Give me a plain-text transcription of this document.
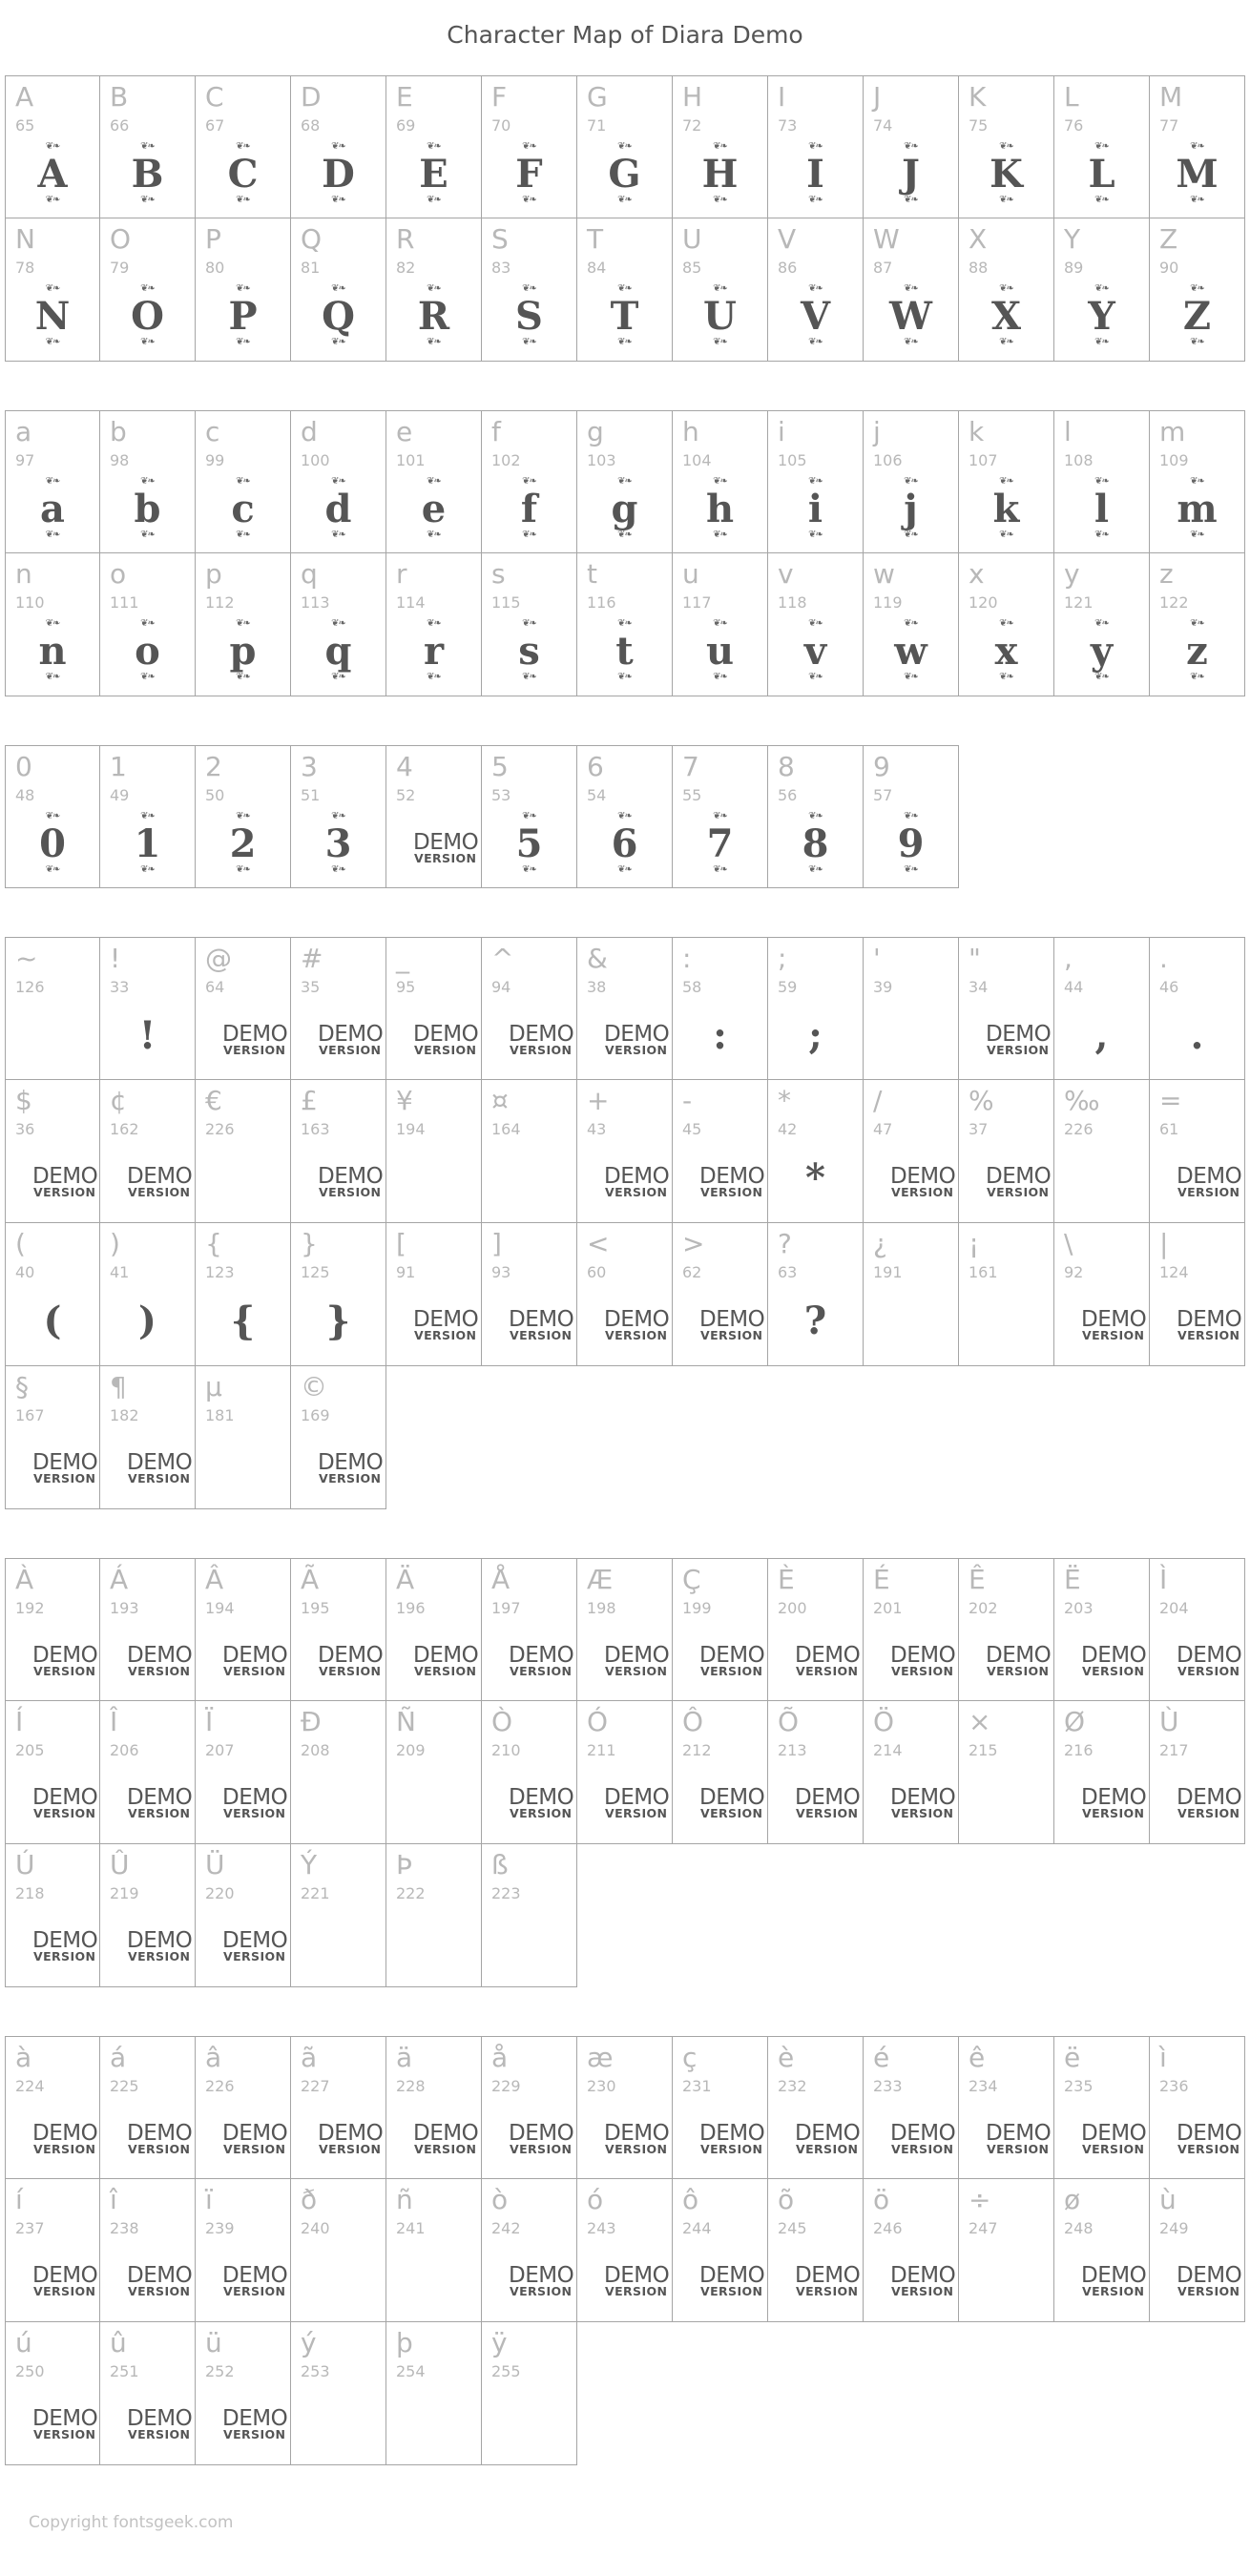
Character Map of Diara Demo
A
65
A
❦❧
❦❧
B
66
B
❦❧
❦❧
C
67
C
❦❧
❦❧
D
68
D
❦❧
❦❧
E
69
E
❦❧
❦❧
F
70
F
❦❧
❦❧
G
71
G
❦❧
❦❧
H
72
H
❦❧
❦❧
I
73
I
❦❧
❦❧
J
74
J
❦❧
❦❧
K
75
K
❦❧
❦❧
L
76
L
❦❧
❦❧
M
77
M
❦❧
❦❧
N
78
N
❦❧
❦❧
O
79
O
❦❧
❦❧
P
80
P
❦❧
❦❧
Q
81
Q
❦❧
❦❧
R
82
R
❦❧
❦❧
S
83
S
❦❧
❦❧
T
84
T
❦❧
❦❧
U
85
U
❦❧
❦❧
V
86
V
❦❧
❦❧
W
87
W
❦❧
❦❧
X
88
X
❦❧
❦❧
Y
89
Y
❦❧
❦❧
Z
90
Z
❦❧
❦❧
a
97
a
❦❧
❦❧
b
98
b
❦❧
❦❧
c
99
c
❦❧
❦❧
d
100
d
❦❧
❦❧
e
101
e
❦❧
❦❧
f
102
f
❦❧
❦❧
g
103
g
❦❧
❦❧
h
104
h
❦❧
❦❧
i
105
i
❦❧
❦❧
j
106
j
❦❧
❦❧
k
107
k
❦❧
❦❧
l
108
l
❦❧
❦❧
m
109
m
❦❧
❦❧
n
110
n
❦❧
❦❧
o
111
o
❦❧
❦❧
p
112
p
❦❧
❦❧
q
113
q
❦❧
❦❧
r
114
r
❦❧
❦❧
s
115
s
❦❧
❦❧
t
116
t
❦❧
❦❧
u
117
u
❦❧
❦❧
v
118
v
❦❧
❦❧
w
119
w
❦❧
❦❧
x
120
x
❦❧
❦❧
y
121
y
❦❧
❦❧
z
122
z
❦❧
❦❧
0
48
0
❦❧
❦❧
1
49
1
❦❧
❦❧
2
50
2
❦❧
❦❧
3
51
3
❦❧
❦❧
4
52
DEMO
VERSION
5
53
5
❦❧
❦❧
6
54
6
❦❧
❦❧
7
55
7
❦❧
❦❧
8
56
8
❦❧
❦❧
9
57
9
❦❧
❦❧
~
126
!
33
!
@
64
DEMO
VERSION
#
35
DEMO
VERSION
_
95
DEMO
VERSION
^
94
DEMO
VERSION
&
38
DEMO
VERSION
:
58
:
;
59
;
'
39
"
34
DEMO
VERSION
,
44
,
.
46
.
$
36
DEMO
VERSION
¢
162
DEMO
VERSION
€
226
£
163
DEMO
VERSION
¥
194
¤
164
+
43
DEMO
VERSION
-
45
DEMO
VERSION
*
42
*
/
47
DEMO
VERSION
%
37
DEMO
VERSION
‰
226
=
61
DEMO
VERSION
(
40
(
)
41
)
{
123
{
}
125
}
[
91
DEMO
VERSION
]
93
DEMO
VERSION
<
60
DEMO
VERSION
>
62
DEMO
VERSION
?
63
?
¿
191
¡
161
\
92
DEMO
VERSION
|
124
DEMO
VERSION
§
167
DEMO
VERSION
¶
182
DEMO
VERSION
µ
181
©
169
DEMO
VERSION
À
192
DEMO
VERSION
Á
193
DEMO
VERSION
Â
194
DEMO
VERSION
Ã
195
DEMO
VERSION
Ä
196
DEMO
VERSION
Å
197
DEMO
VERSION
Æ
198
DEMO
VERSION
Ç
199
DEMO
VERSION
È
200
DEMO
VERSION
É
201
DEMO
VERSION
Ê
202
DEMO
VERSION
Ë
203
DEMO
VERSION
Ì
204
DEMO
VERSION
Í
205
DEMO
VERSION
Î
206
DEMO
VERSION
Ï
207
DEMO
VERSION
Ð
208
Ñ
209
Ò
210
DEMO
VERSION
Ó
211
DEMO
VERSION
Ô
212
DEMO
VERSION
Õ
213
DEMO
VERSION
Ö
214
DEMO
VERSION
×
215
Ø
216
DEMO
VERSION
Ù
217
DEMO
VERSION
Ú
218
DEMO
VERSION
Û
219
DEMO
VERSION
Ü
220
DEMO
VERSION
Ý
221
Þ
222
ß
223
à
224
DEMO
VERSION
á
225
DEMO
VERSION
â
226
DEMO
VERSION
ã
227
DEMO
VERSION
ä
228
DEMO
VERSION
å
229
DEMO
VERSION
æ
230
DEMO
VERSION
ç
231
DEMO
VERSION
è
232
DEMO
VERSION
é
233
DEMO
VERSION
ê
234
DEMO
VERSION
ë
235
DEMO
VERSION
ì
236
DEMO
VERSION
í
237
DEMO
VERSION
î
238
DEMO
VERSION
ï
239
DEMO
VERSION
ð
240
ñ
241
ò
242
DEMO
VERSION
ó
243
DEMO
VERSION
ô
244
DEMO
VERSION
õ
245
DEMO
VERSION
ö
246
DEMO
VERSION
÷
247
ø
248
DEMO
VERSION
ù
249
DEMO
VERSION
ú
250
DEMO
VERSION
û
251
DEMO
VERSION
ü
252
DEMO
VERSION
ý
253
þ
254
ÿ
255
Copyright fontsgeek.com
